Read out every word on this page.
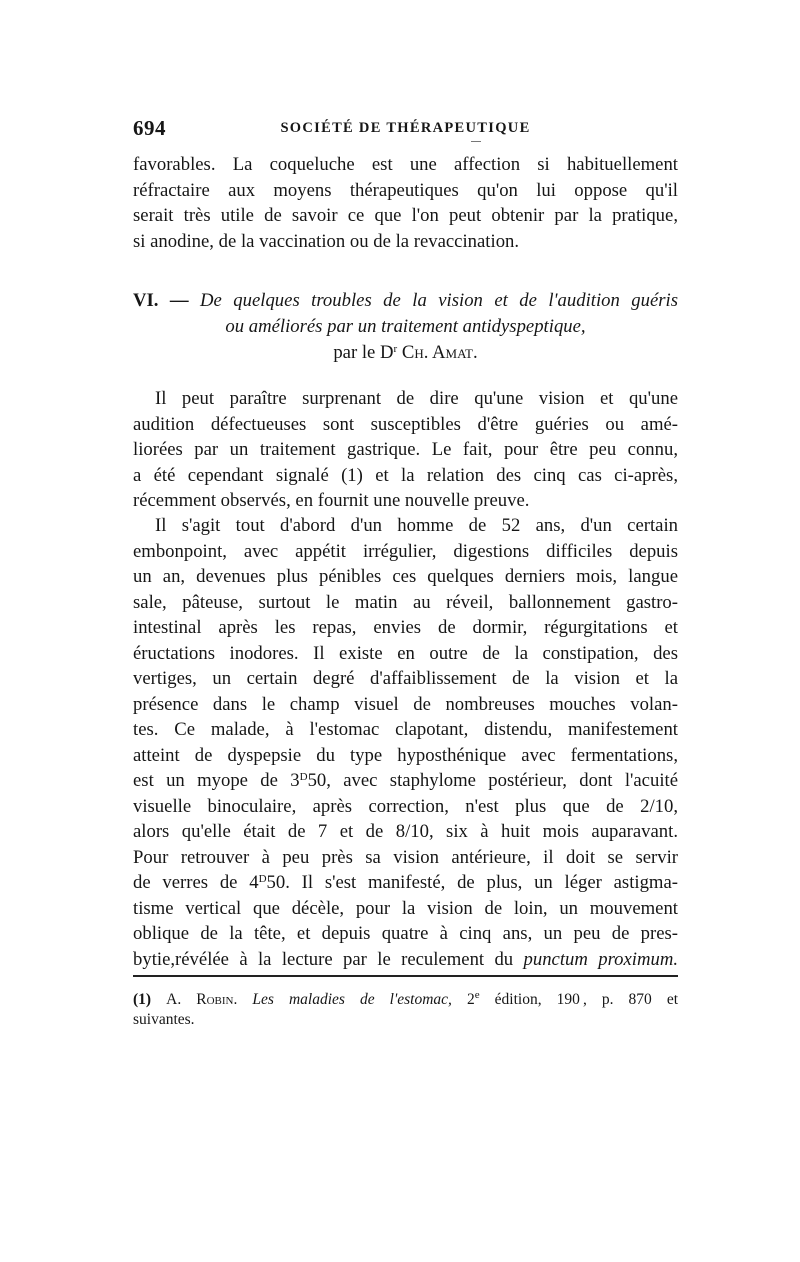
694	SOCIÉTÉ DE THÉRAPEUTIQUE
favorables. La coqueluche est une affection si habituellement
réfractaire aux moyens thérapeutiques qu'on lui oppose qu'il
serait très utile de savoir ce que l'on peut obtenir par la pratique,
si anodine, de la vaccination ou de la revaccination.
VI. — De quelques troubles de la vision et de l'audition guéris
ou améliorés par un traitement antidyspeptique,
par le $D^r$ Ch. Amat.
Il peut paraître surprenant de dire qu'une vision et qu'une
audition défectueuses sont susceptibles d'être guéries ou amé-
liorées par un traitement gastrique. Le fait, pour être peu connu,
a été cependant signalé (1) et la relation des cinq cas ci-après,
récemment observés, en fournit une nouvelle preuve.
Il s'agit tout d'abord d'un homme de 52 ans, d'un certain
embonpoint, avec appétit irrégulier, digestions difficiles depuis
un an, devenues plus pénibles ces quelques derniers mois, langue
sale, pâteuse, surtout le matin au réveil, ballonnement gastro-
intestinal après les repas, envies de dormir, régurgitations et
éructations inodores. Il existe en outre de la constipation, des
vertiges, un certain degré d'affaiblissement de la vision et la
présence dans le champ visuel de nombreuses mouches volan-
tes. Ce malade, à l'estomac clapotant, distendu, manifestement
atteint de dyspepsie du type hyposthénique avec fermentations,
est un myope de $3^D50$, avec staphylome postérieur, dont l'acuité
visuelle binoculaire, après correction, n'est plus que de 2/10,
alors qu'elle était de 7 et de 8/10, six à huit mois auparavant.
Pour retrouver à peu près sa vision antérieure, il doit se servir
de verres de $4^D50$. Il s'est manifesté, de plus, un léger astigma-
tisme vertical que décèle, pour la vision de loin, un mouvement
oblique de la tête, et depuis quatre à cinq ans, un peu de pres-
bytie,révélée à la lecture par le reculement du punctum proximum.
(1) A. Robin. Les maladies de l'estomac, 2e édition, 190  , p. 870 et
suivantes.
